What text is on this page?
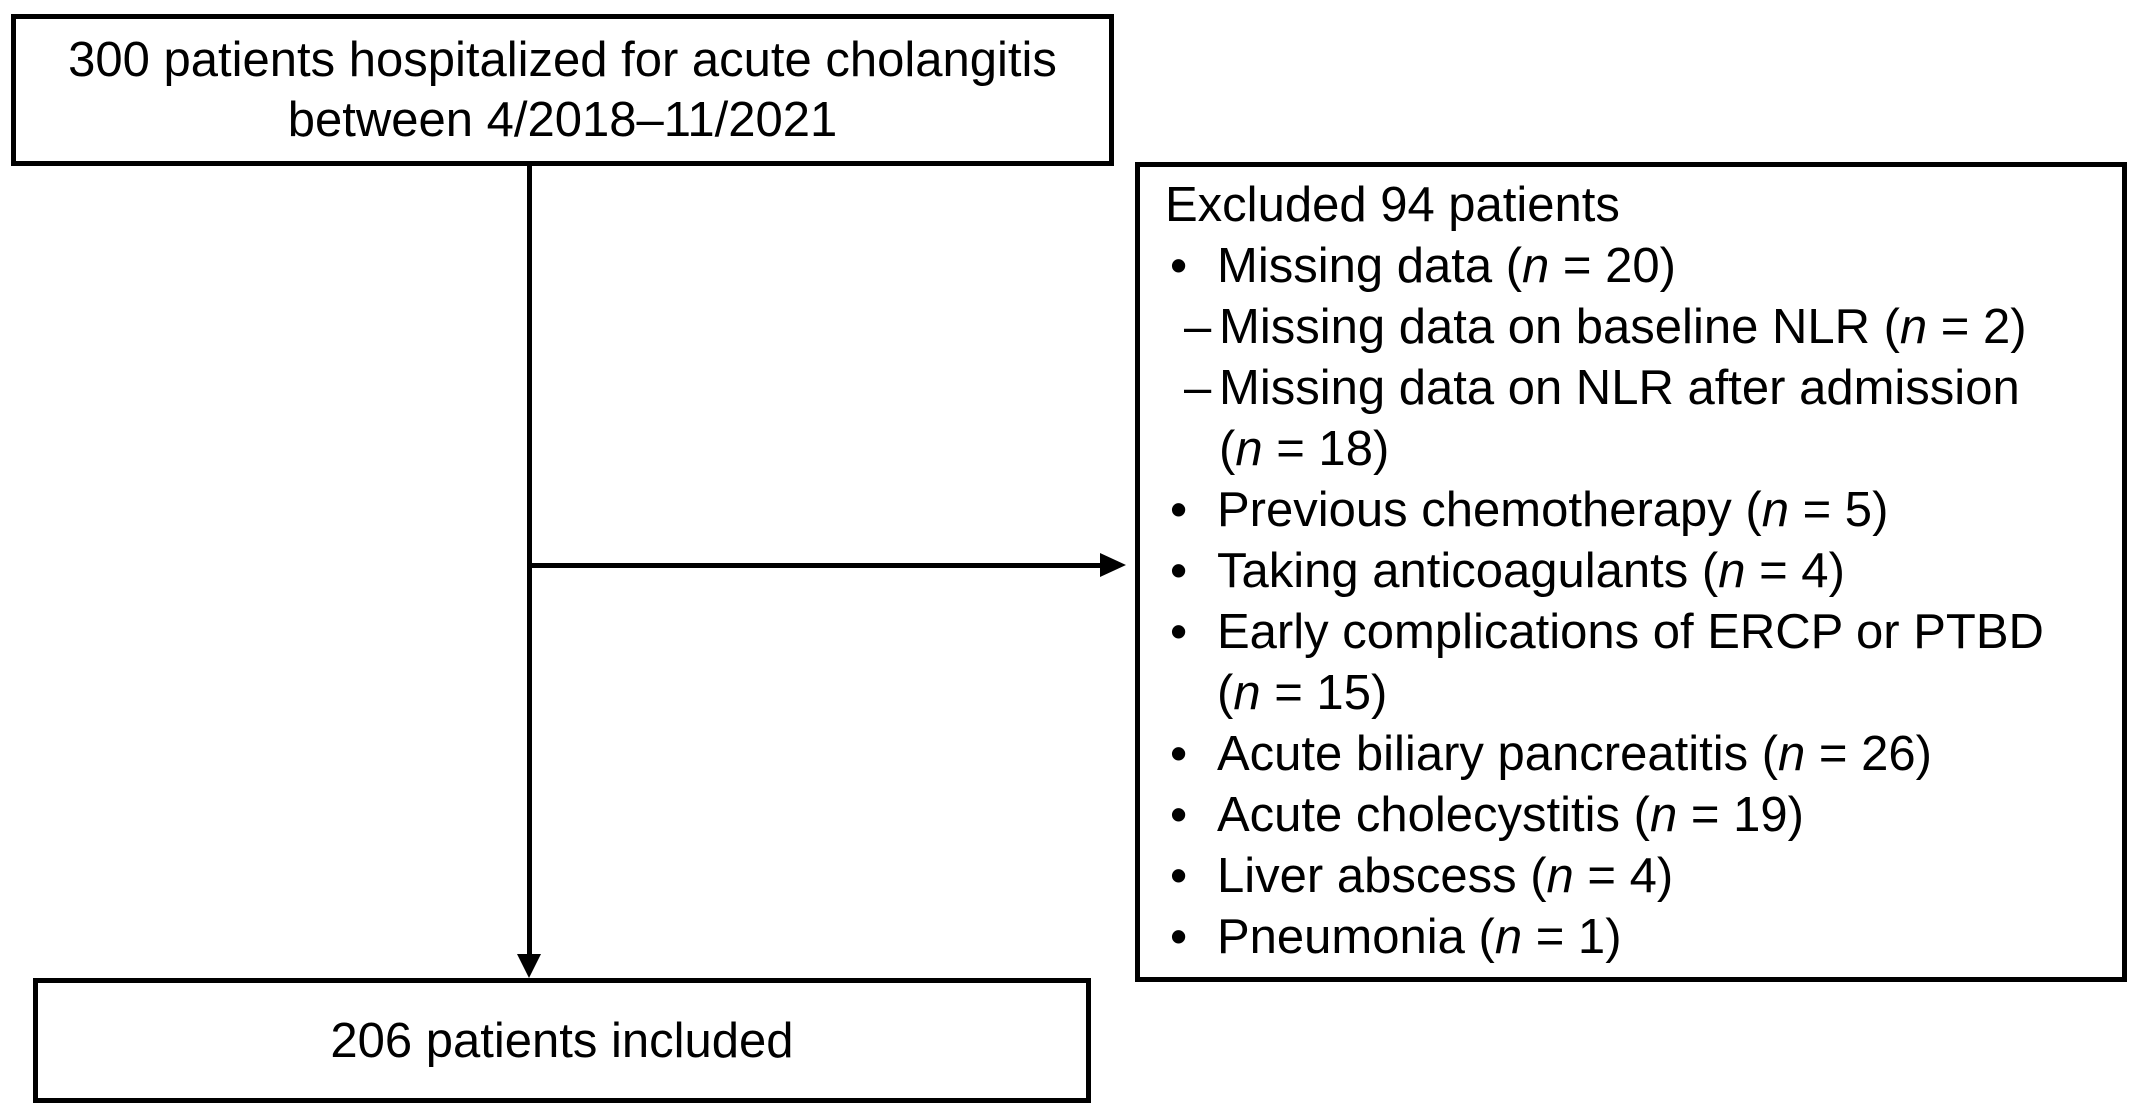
300 patients hospitalized for acute cholangitis
between 4/2018–11/2021
Excluded 94 patients
• Missing data (n = 20)
– Missing data on baseline NLR (n = 2)
– Missing data on NLR after admission
(n = 18)
• Previous chemotherapy (n = 5)
• Taking anticoagulants (n = 4)
• Early complications of ERCP or PTBD
(n = 15)
• Acute biliary pancreatitis (n = 26)
• Acute cholecystitis (n = 19)
• Liver abscess (n = 4)
• Pneumonia (n = 1)
206 patients included
